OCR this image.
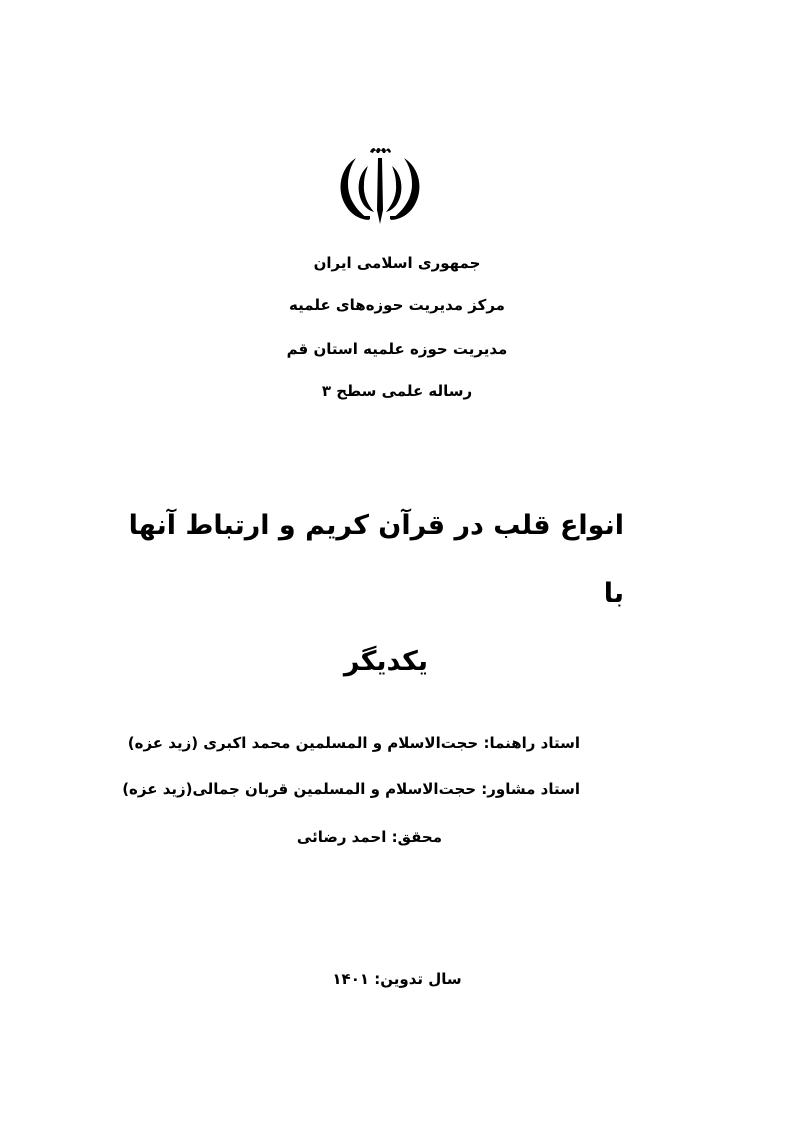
جمهوری اسلامی ایران
مرکز مدیریت حوزه‌های علمیه
مدیریت حوزه علمیه استان قم
رساله علمی سطح ۳
انواع قلب در قرآن کریم و ارتباط آنها با
یکدیگر
استاد راهنما: حجت‌الاسلام و المسلمین محمد اکبری (زید عزه)
استاد مشاور: حجت‌الاسلام و المسلمین قربان جمالی(زید عزه)
محقق: احمد رضائی
سال تدوین: ۱۴۰۱
